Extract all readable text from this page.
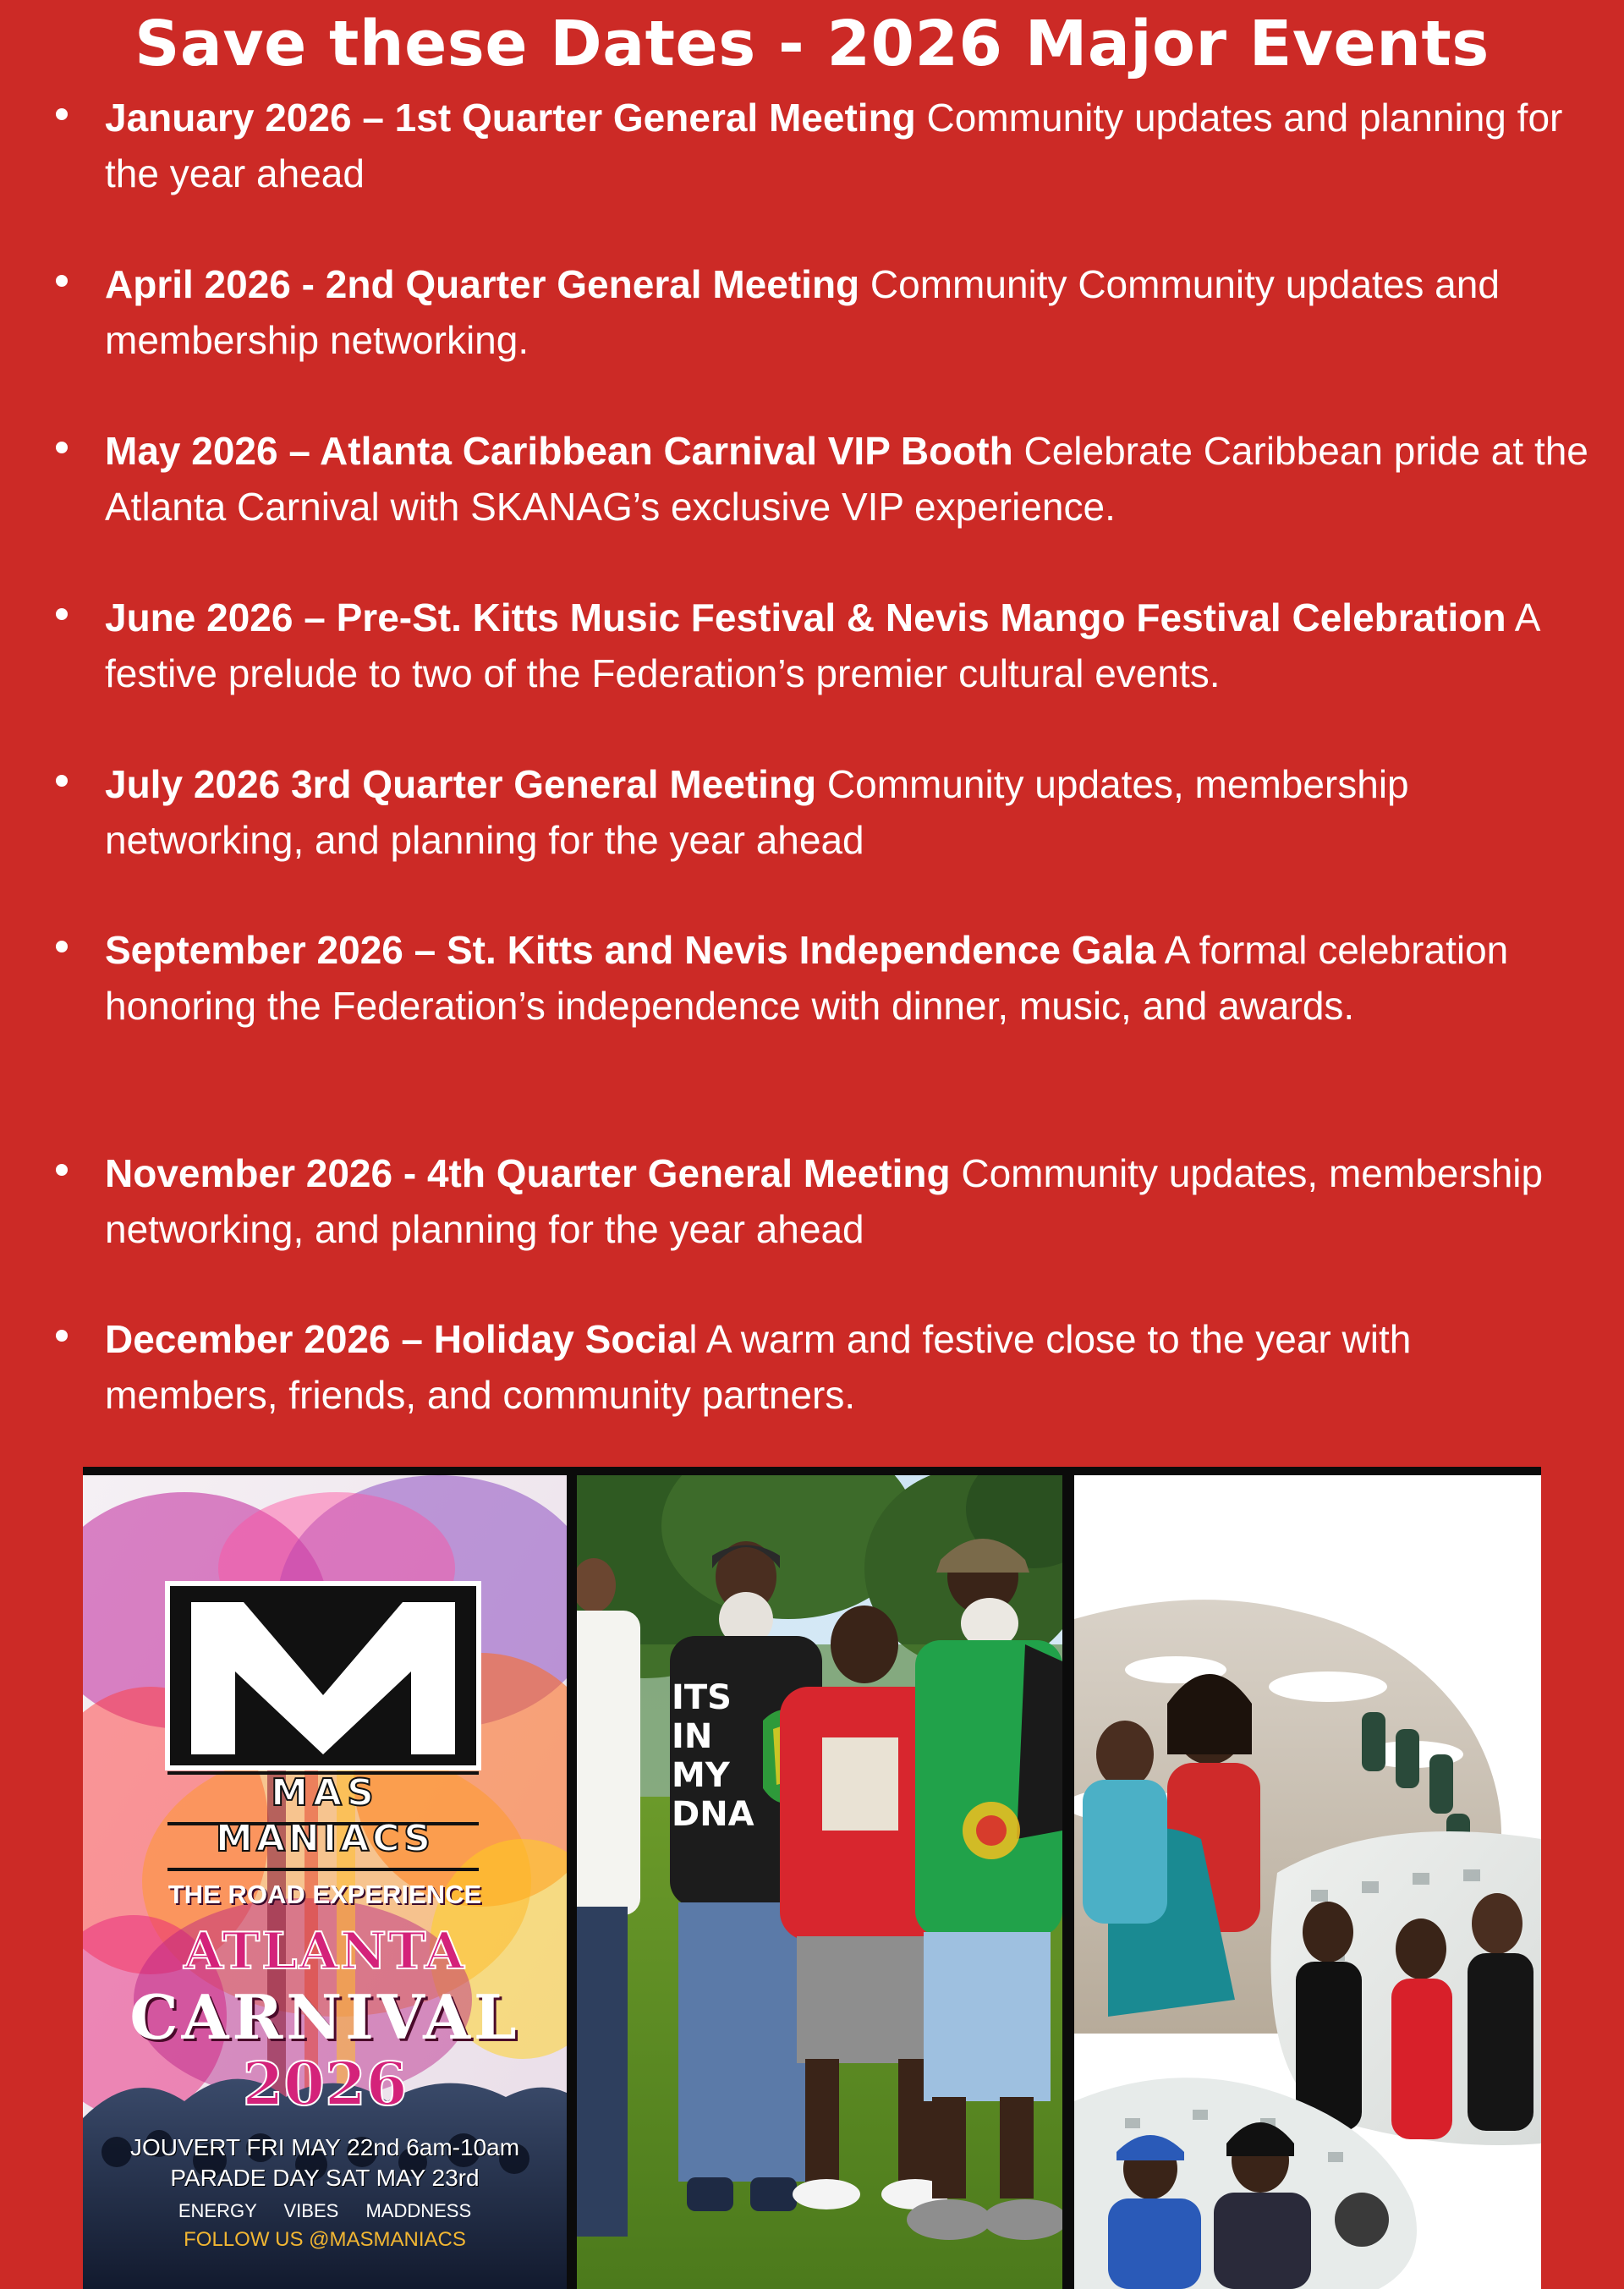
Save these Dates - 2026 Major Events

January 2026 – 1st Quarter General Meeting Community updates and planning for the year ahead

April 2026 - 2nd Quarter General Meeting Community Community updates and membership networking.

May 2026 – Atlanta Caribbean Carnival VIP Booth Celebrate Caribbean pride at the Atlanta Carnival with SKANAG’s exclusive VIP experience.

June 2026 – Pre-St. Kitts Music Festival & Nevis Mango Festival Celebration A festive prelude to two of the Federation’s premier cultural events.

July 2026 3rd Quarter General Meeting Community updates, membership networking, and planning for the year ahead

September 2026 – St. Kitts and Nevis Independence Gala A formal celebration honoring the Federation’s independence with dinner, music, and awards.

November 2026 - 4th Quarter General Meeting Community updates, membership networking, and planning for the year ahead

December 2026 – Holiday Social A warm and festive close to the year with members, friends, and community partners.

MAS
MANIACS
THE ROAD EXPERIENCE
ATLANTA
CARNIVAL
2026
JOUVERT FRI MAY 22nd 6am-10am
PARADE DAY SAT MAY 23rd
ENERGY VIBES MADDNESS
FOLLOW US @MASMANIACS
ITS
IN
MY
DNA
